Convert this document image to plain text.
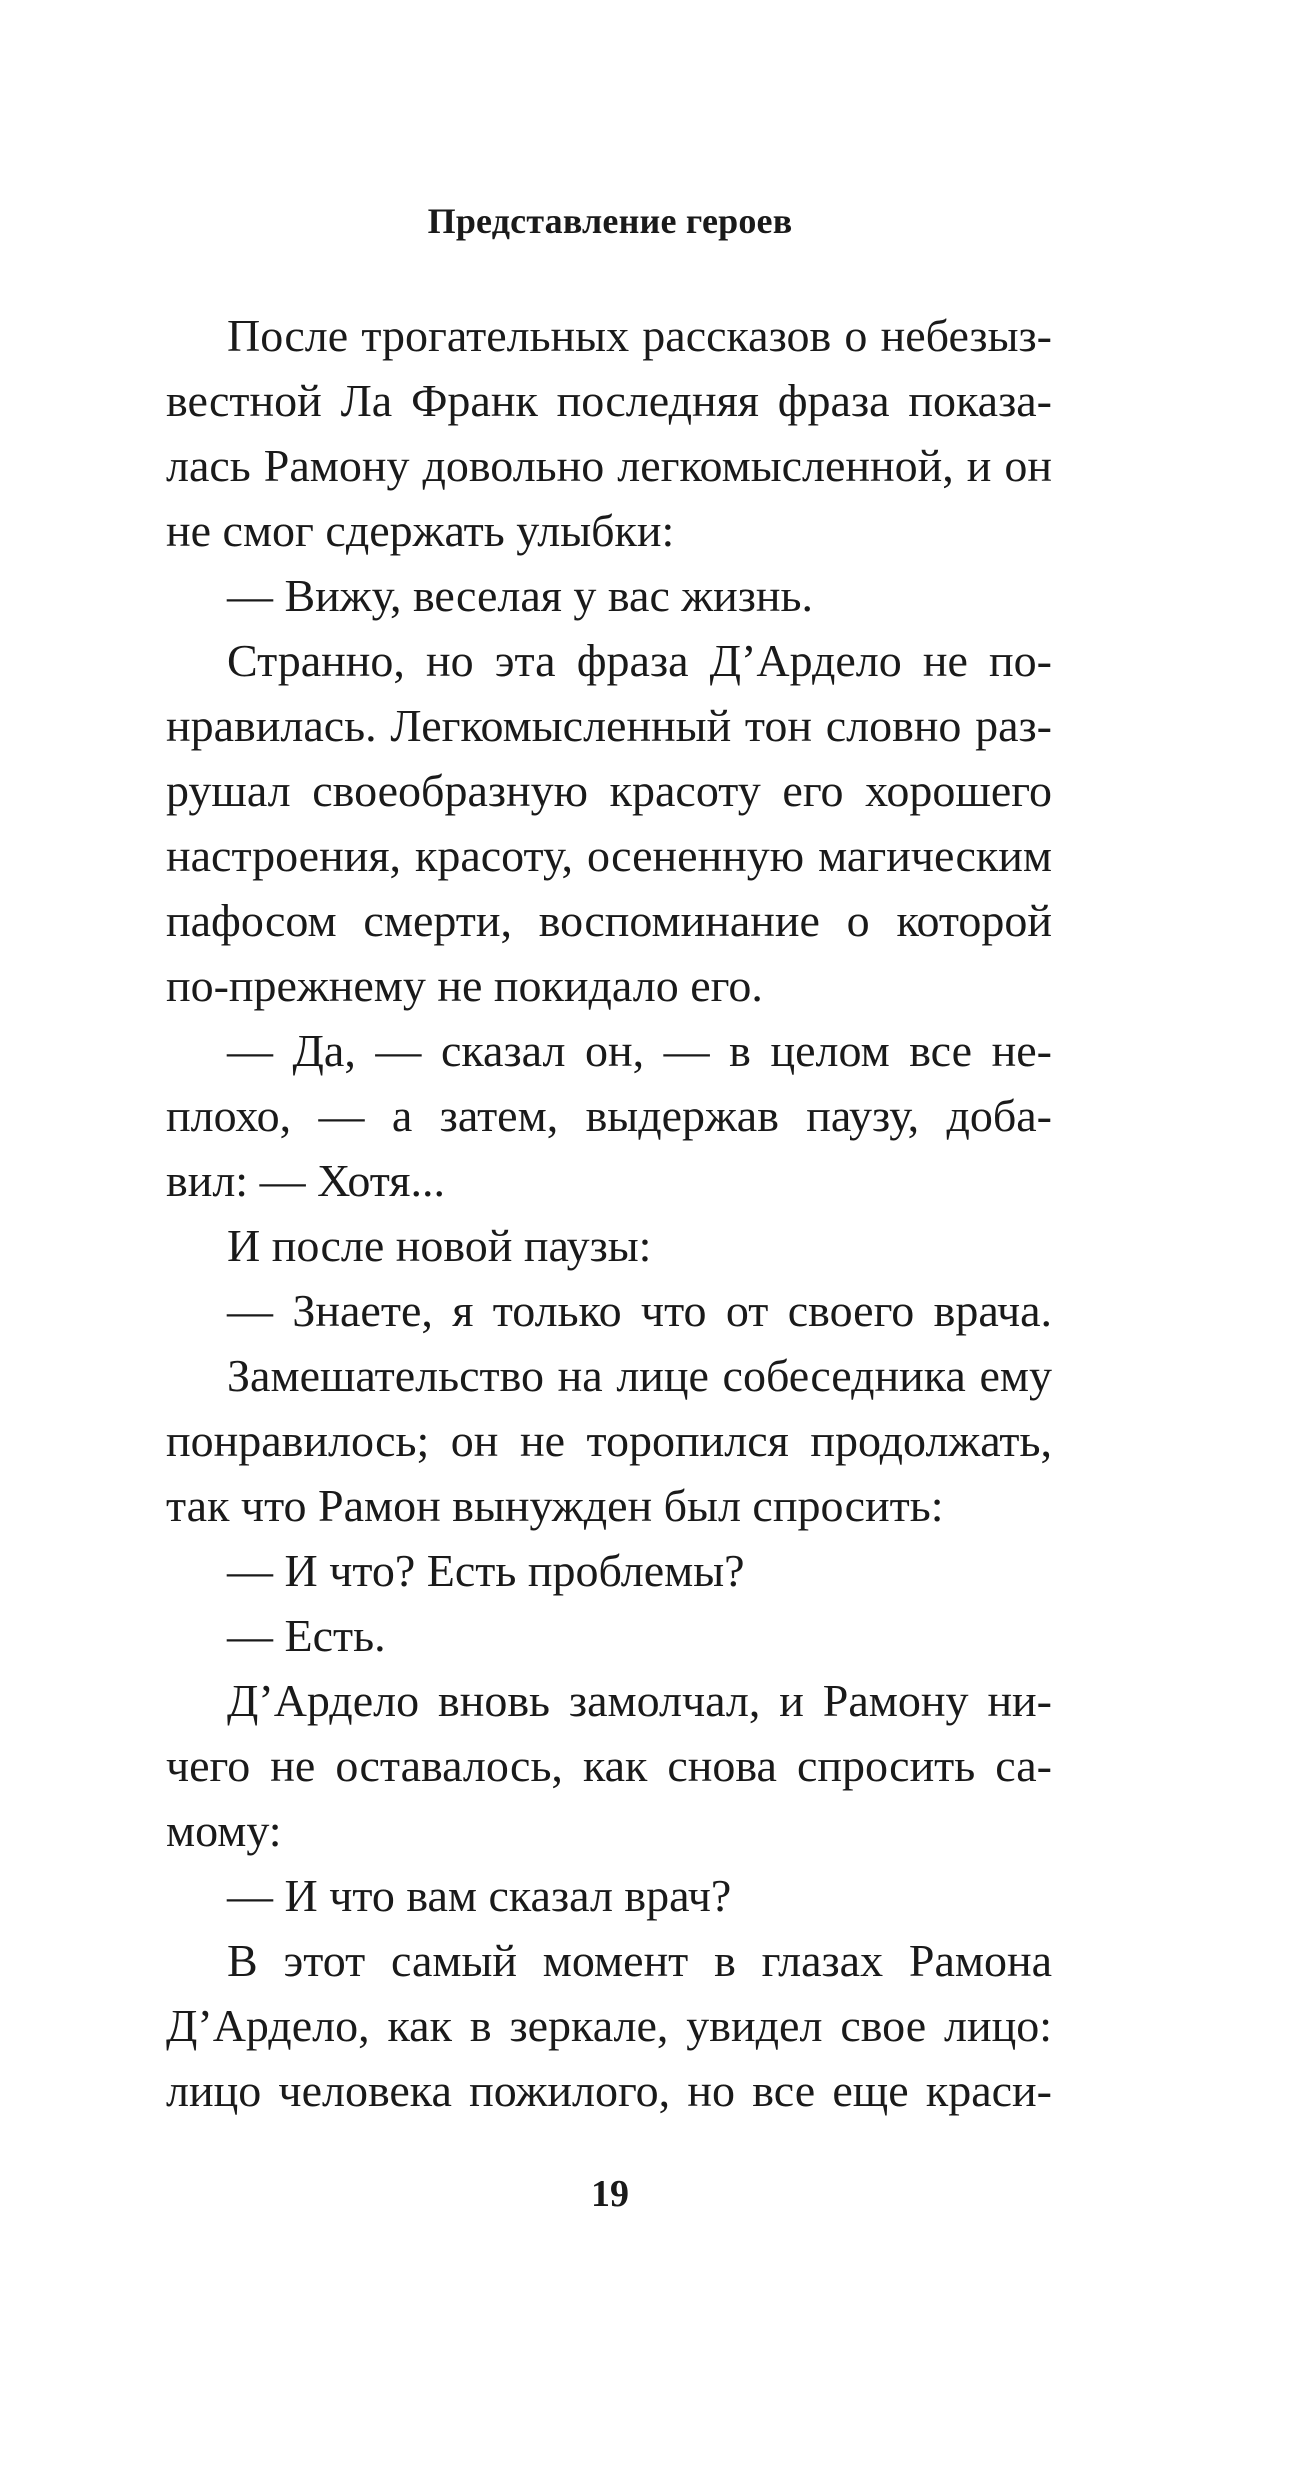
Представление героев
После трогательных рассказов о небезыз-
вестной Ла Франк последняя фраза показа-
лась Рамону довольно легкомысленной, и он
не смог сдержать улыбки:
— Вижу, веселая у вас жизнь.
Странно, но эта фраза Д’Ардело не по-
нравилась. Легкомысленный тон словно раз-
рушал своеобразную красоту его хорошего
настроения, красоту, осененную магическим
пафосом смерти, воспоминание о которой
по-прежнему не покидало его.
— Да, — сказал он, — в целом все не-
плохо, — а затем, выдержав паузу, доба-
вил: — Хотя...
И после новой паузы:
— Знаете, я только что от своего врача.
Замешательство на лице собеседника ему
понравилось; он не торопился продолжать,
так что Рамон вынужден был спросить:
— И что? Есть проблемы?
— Есть.
Д’Ардело вновь замолчал, и Рамону ни-
чего не оставалось, как снова спросить са-
мому:
— И что вам сказал врач?
В этот самый момент в глазах Рамона
Д’Ардело, как в зеркале, увидел свое лицо:
лицо человека пожилого, но все еще краси-
19
